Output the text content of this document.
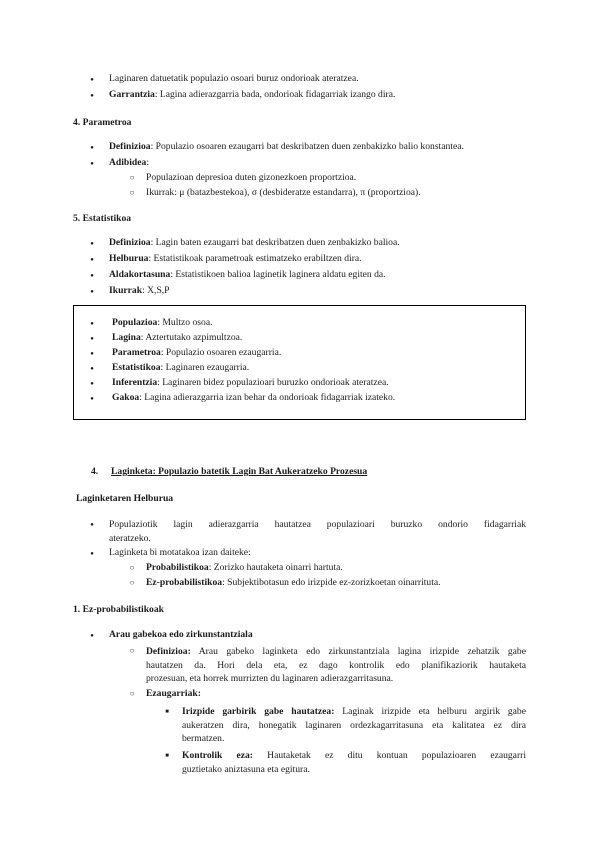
●
Laginaren datuetatik populazio osoari buruz ondorioak ateratzea.
●
Garrantzia: Lagina adierazgarria bada, ondorioak fidagarriak izango dira.
4. Parametroa
●
Definizioa: Populazio osoaren ezaugarri bat deskribatzen duen zenbakizko balio konstantea.
●
Adibidea:
○
Populazioan depresioa duten gizonezkoen proportzioa.
○
Ikurrak: μ (batazbestekoa), σ (desbideratze estandarra), π (proportzioa).
5. Estatistikoa
●
Definizioa: Lagin baten ezaugarri bat deskribatzen duen zenbakizko balioa.
●
Helburua: Estatistikoak parametroak estimatzeko erabiltzen dira.
●
Aldakortasuna: Estatistikoen balioa laginetik laginera aldatu egiten da.
●
Ikurrak: X,S,P
●
Populazioa: Multzo osoa.
●
Lagina: Aztertutako azpimultzoa.
●
Parametroa: Populazio osoaren ezaugarria.
●
Estatistikoa: Laginaren ezaugarria.
●
Inferentzia: Laginaren bidez populazioari buruzko ondorioak ateratzea.
●
Gakoa: Lagina adierazgarria izan behar da ondorioak fidagarriak izateko.
4. Laginketa: Populazio batetik Lagin Bat Aukeratzeko Prozesua
Laginketaren Helburua
●
Populaziotik lagin adierazgarria hautatzea populazioari buruzko ondorio fidagarriak
ateratzeko.
●
Laginketa bi motatakoa izan daiteke:
○
Probabilistikoa: Zorizko hautaketa oinarri hartuta.
○
Ez-probabilistikoa: Subjektibotasun edo irizpide ez-zorizkoetan oinarrituta.
1. Ez-probabilistikoak
●
Arau gabekoa edo zirkunstantziala
○
Definizioa: Arau gabeko laginketa edo zirkunstantziala lagina irizpide zehatzik gabe
hautatzen da. Hori dela eta, ez dago kontrolik edo planifikaziorik hautaketa
prozesuan, eta horrek murrizten du laginaren adierazgarritasuna.
○
Ezaugarriak:
■
Irizpide garbirik gabe hautatzea: Laginak irizpide eta helburu argirik gabe
aukeratzen dira, honegatik laginaren ordezkagarritasuna eta kalitatea ez dira
bermatzen.
■
Kontrolik eza: Hautaketak ez ditu kontuan populazioaren ezaugarri
guztietako aniztasuna eta egitura.
